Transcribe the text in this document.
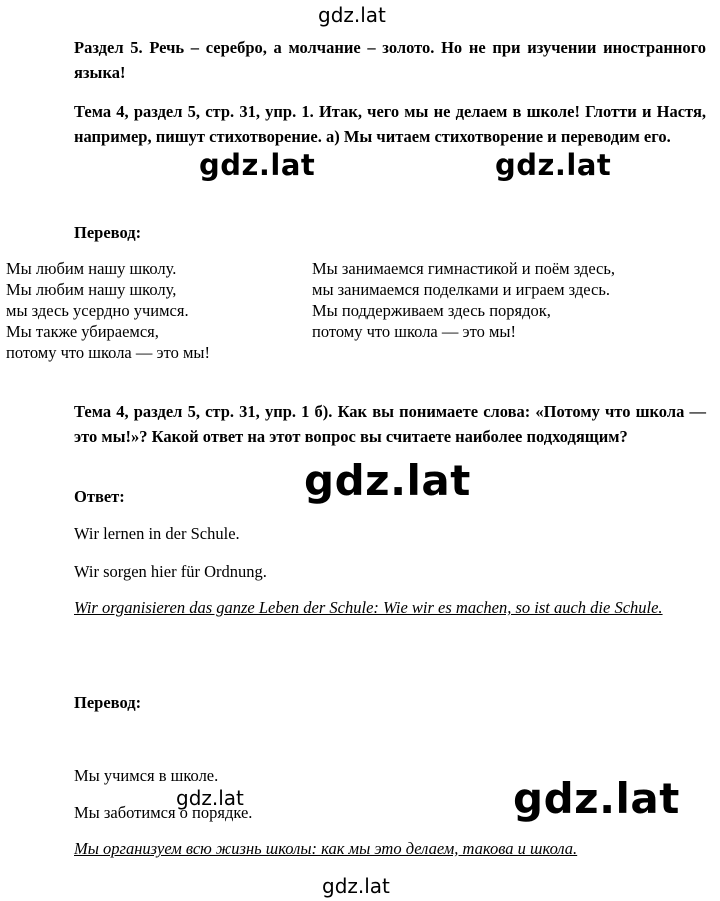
gdz.lat
Раздел 5. Речь – серебро, а молчание – золото. Но не при изучении иностранного языка!
Тема 4, раздел 5, стр. 31, упр. 1. Итак, чего мы не делаем в школе! Глотти и Настя, например, пишут стихотворение. а) Мы читаем стихотворение и переводим его.
gdz.lat	gdz.lat
Перевод:
Мы любим нашу школу.
Мы любим нашу школу,
мы здесь усердно учимся.
Мы также убираемся,
потому что школа — это мы!
Мы занимаемся гимнастикой и поём здесь,
мы занимаемся поделками и играем здесь.
Мы поддерживаем здесь порядок,
потому что школа — это мы!
Тема 4, раздел 5, стр. 31, упр. 1 б). Как вы понимаете слова: «Потому что школа — это мы!»? Какой ответ на этот вопрос вы считаете наиболее подходящим?
gdz.lat
Ответ:
Wir lernen in der Schule.
Wir sorgen hier für Ordnung.
Wir organisieren das ganze Leben der Schule: Wie wir es machen, so ist auch die Schule.
Перевод:
Мы учимся в школе.
Мы заботимся о порядке.
Мы организуем всю жизнь школы: как мы это делаем, такова и школа.
gdz.lat	gdz.lat
gdz.lat
